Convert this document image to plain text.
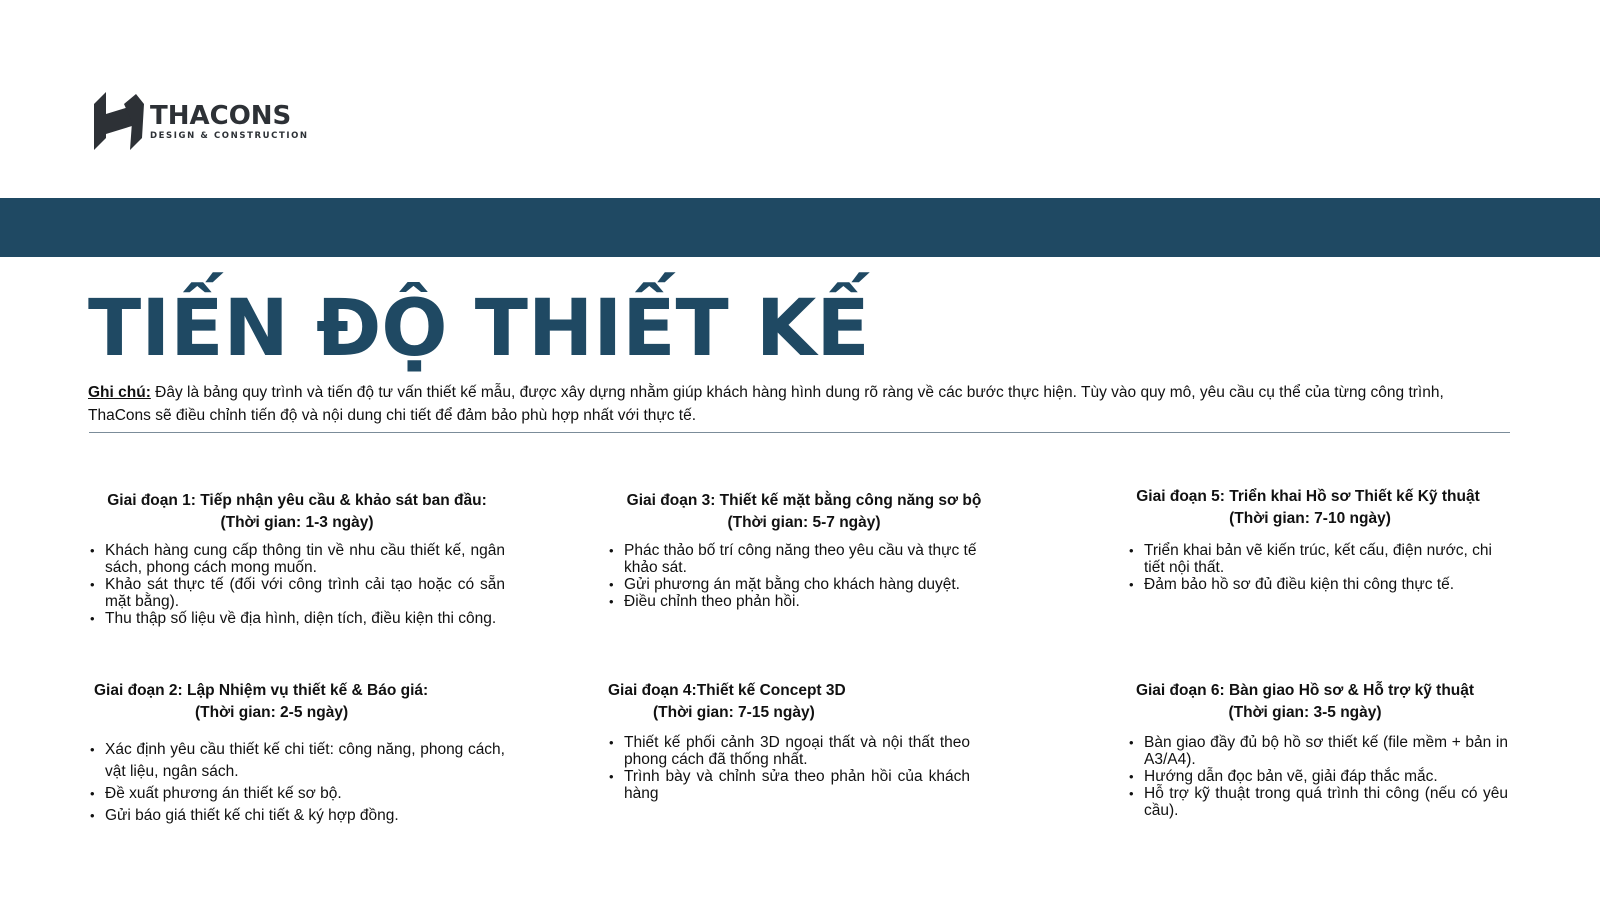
THACONS
DESIGN & CONSTRUCTION
TIẾN ĐỘ THIẾT KẾ

Ghi chú: Đây là bảng quy trình và tiến độ tư vấn thiết kế mẫu, được xây dựng nhằm giúp khách hàng hình dung rõ ràng về các bước thực hiện. Tùy vào quy mô, yêu cầu cụ thể của từng công trình, ThaCons sẽ điều chỉnh tiến độ và nội dung chi tiết để đảm bảo phù hợp nhất với thực tế.

Giai đoạn 1: Tiếp nhận yêu cầu & khảo sát ban đầu:

(Thời gian: 1-3 ngày)

• Khách hàng cung cấp thông tin về nhu cầu thiết kế, ngân sách, phong cách mong muốn.
• Khảo sát thực tế (đối với công trình cải tạo hoặc có sẵn mặt bằng).
• Thu thập số liệu về địa hình, diện tích, điều kiện thi công.

Giai đoạn 2: Lập Nhiệm vụ thiết kế & Báo giá:

(Thời gian: 2-5 ngày)

• Xác định yêu cầu thiết kế chi tiết: công năng, phong cách, vật liệu, ngân sách.
• Đề xuất phương án thiết kế sơ bộ.
• Gửi báo giá thiết kế chi tiết & ký hợp đồng.

Giai đoạn 3: Thiết kế mặt bằng công năng sơ bộ

(Thời gian: 5-7 ngày)

• Phác thảo bố trí công năng theo yêu cầu và thực tế khảo sát.
• Gửi phương án mặt bằng cho khách hàng duyệt.
• Điều chỉnh theo phản hồi.

Giai đoạn 4:Thiết kế Concept 3D

(Thời gian: 7-15 ngày)

• Thiết kế phối cảnh 3D ngoại thất và nội thất theo phong cách đã thống nhất.
• Trình bày và chỉnh sửa theo phản hồi của khách hàng

Giai đoạn 5: Triển khai Hồ sơ Thiết kế Kỹ thuật

(Thời gian: 7-10 ngày)

• Triển khai bản vẽ kiến trúc, kết cấu, điện nước, chi tiết nội thất.
• Đảm bảo hồ sơ đủ điều kiện thi công thực tế.

Giai đoạn 6: Bàn giao Hồ sơ & Hỗ trợ kỹ thuật

(Thời gian: 3-5 ngày)

• Bàn giao đầy đủ bộ hồ sơ thiết kế (file mềm + bản in A3/A4).
• Hướng dẫn đọc bản vẽ, giải đáp thắc mắc.
• Hỗ trợ kỹ thuật trong quá trình thi công (nếu có yêu cầu).
